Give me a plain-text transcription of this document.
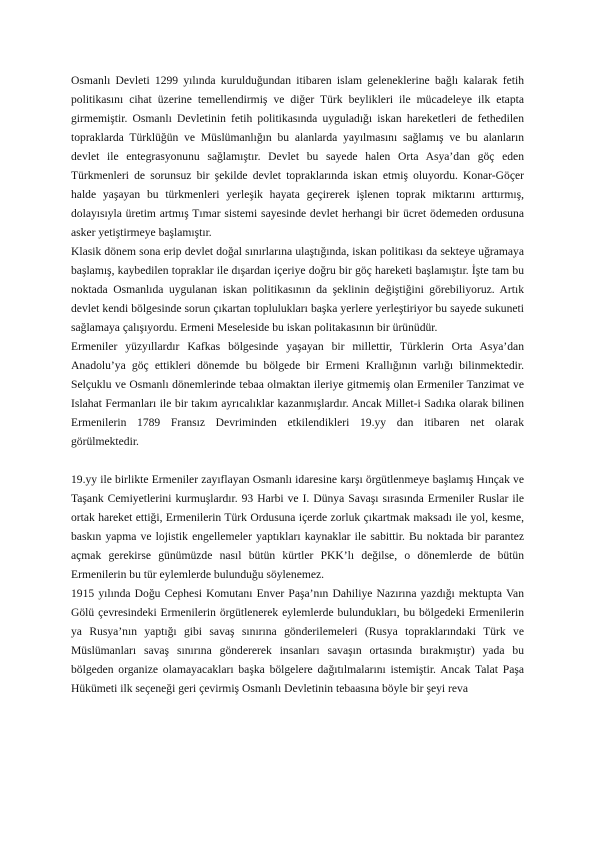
Osmanlı Devleti 1299 yılında kurulduğundan itibaren islam geleneklerine bağlı kalarak fetih politikasını cihat üzerine temellendirmiş ve diğer Türk beylikleri ile mücadeleye ilk etapta girmemiştir. Osmanlı Devletinin fetih politikasında uyguladığı iskan hareketleri de fethedilen topraklarda Türklüğün ve Müslümanlığın bu alanlarda yayılmasını sağlamış ve bu alanların devlet ile entegrasyonunu sağlamıştır. Devlet bu sayede halen Orta Asya’dan göç eden Türkmenleri de sorunsuz bir şekilde devlet topraklarında iskan etmiş oluyordu. Konar-Göçer halde yaşayan bu türkmenleri yerleşik hayata geçirerek işlenen toprak miktarını arttırmış, dolayısıyla üretim artmış Tımar sistemi sayesinde devlet herhangi bir ücret ödemeden ordusuna asker yetiştirmeye başlamıştır.

Klasik dönem sona erip devlet doğal sınırlarına ulaştığında, iskan politikası da sekteye uğramaya başlamış, kaybedilen topraklar ile dışardan içeriye doğru bir göç hareketi başlamıştır. İşte tam bu noktada Osmanlıda uygulanan iskan politikasının da şeklinin değiştiğini görebiliyoruz. Artık devlet kendi bölgesinde sorun çıkartan toplulukları başka yerlere yerleştiriyor bu sayede sukuneti sağlamaya çalışıyordu. Ermeni Meseleside bu iskan politakasının bir ürünüdür.

Ermeniler yüzyıllardır Kafkas bölgesinde yaşayan bir millettir, Türklerin Orta Asya’dan Anadolu’ya göç ettikleri dönemde bu bölgede bir Ermeni Krallığının varlığı bilinmektedir. Selçuklu ve Osmanlı dönemlerinde tebaa olmaktan ileriye gitmemiş olan Ermeniler Tanzimat ve Islahat Fermanları ile bir takım ayrıcalıklar kazanmışlardır. Ancak Millet-i Sadıka olarak bilinen Ermenilerin 1789 Fransız Devriminden etkilendikleri 19.yy dan itibaren net olarak görülmektedir.

19.yy ile birlikte Ermeniler zayıflayan Osmanlı idaresine karşı örgütlenmeye başlamış Hınçak ve Taşank Cemiyetlerini kurmuşlardır. 93 Harbi ve I. Dünya Savaşı sırasında Ermeniler Ruslar ile ortak hareket ettiği, Ermenilerin Türk Ordusuna içerde zorluk çıkartmak maksadı ile yol, kesme, baskın yapma ve lojistik engellemeler yaptıkları kaynaklar ile sabittir. Bu noktada bir parantez açmak gerekirse günümüzde nasıl bütün kürtler PKK’lı değilse, o dönemlerde de bütün Ermenilerin bu tür eylemlerde bulunduğu söylenemez.

1915 yılında Doğu Cephesi Komutanı Enver Paşa’nın Dahiliye Nazırına yazdığı mektupta Van Gölü çevresindeki Ermenilerin örgütlenerek eylemlerde bulundukları, bu bölgedeki Ermenilerin ya Rusya’nın yaptığı gibi savaş sınırına gönderilemeleri (Rusya topraklarındaki Türk ve Müslümanları savaş sınırına göndererek insanları savaşın ortasında bırakmıştır) yada bu bölgeden organize olamayacakları başka bölgelere dağıtılmalarını istemiştir. Ancak Talat Paşa Hükümeti ilk seçeneği geri çevirmiş Osmanlı Devletinin tebaasına böyle bir şeyi reva
